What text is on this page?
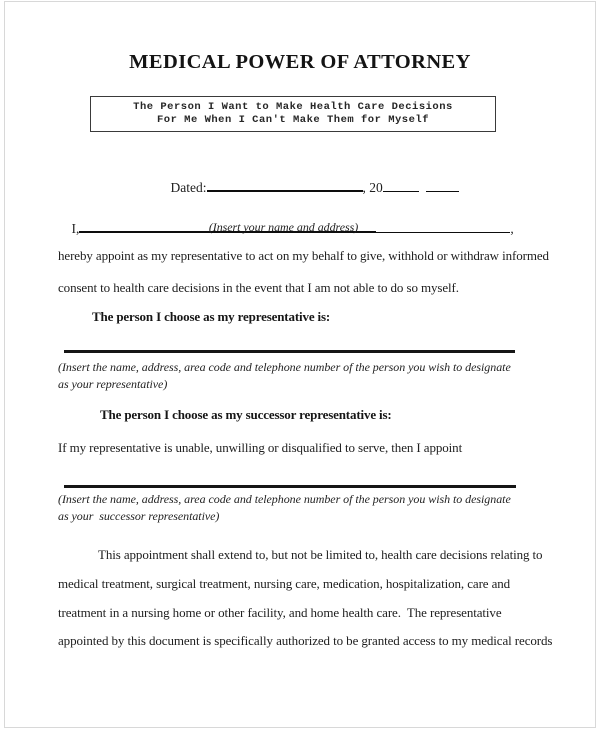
MEDICAL POWER OF ATTORNEY
The Person I Want to Make Health Care Decisions
For Me When I Can't Make Them for Myself

Dated:	, 20

I,	,

(Insert your name and address)
hereby appoint as my representative to act on my behalf to give, withhold or withdraw informed
consent to health care decisions in the event that I am not able to do so myself.
The person I choose as my representative is:
(Insert the name, address, area code and telephone number of the person you wish to designate
as your representative)
The person I choose as my successor representative is:
If my representative is unable, unwilling or disqualified to serve, then I appoint
(Insert the name, address, area code and telephone number of the person you wish to designate
as your  successor representative)
This appointment shall extend to, but not be limited to, health care decisions relating to
medical treatment, surgical treatment, nursing care, medication, hospitalization, care and
treatment in a nursing home or other facility, and home health care.  The representative
appointed by this document is specifically authorized to be granted access to my medical records
